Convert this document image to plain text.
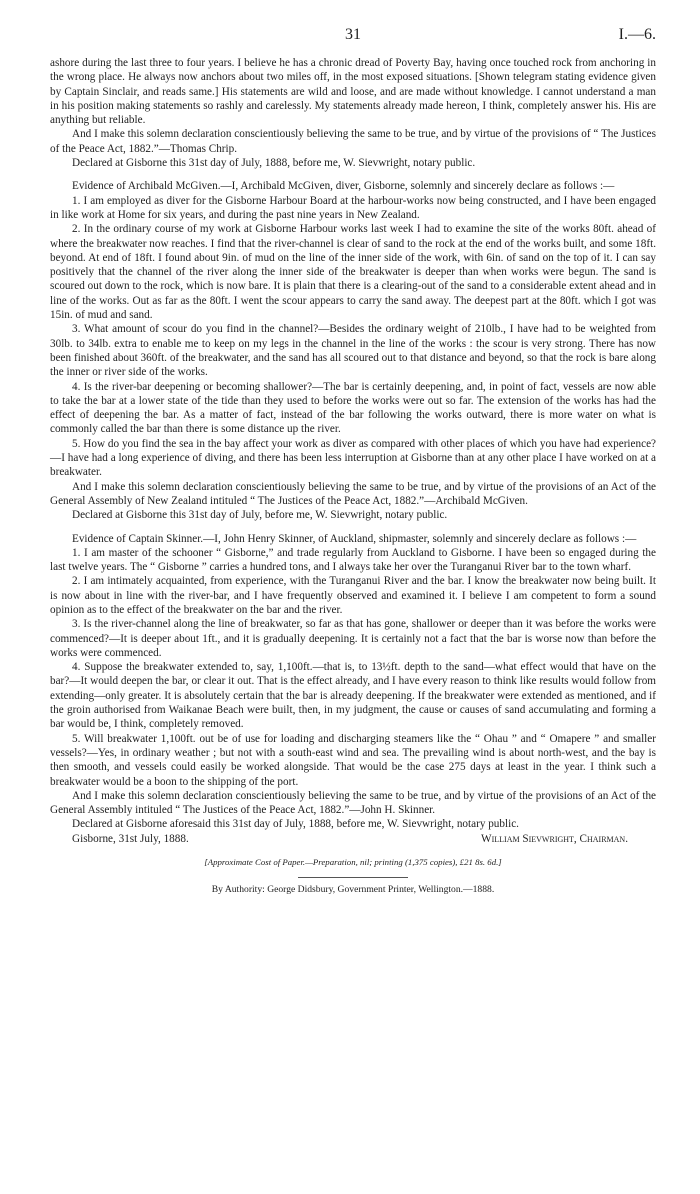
31	I.—6.

ashore during the last three to four years. I believe he has a chronic dread of Poverty Bay, having once touched rock from anchoring in the wrong place. He always now anchors about two miles off, in the most exposed situations. [Shown telegram stating evidence given by Captain Sinclair, and reads same.] His statements are wild and loose, and are made without knowledge. I cannot understand a man in his position making statements so rashly and carelessly. My statements already made hereon, I think, completely answer his. His are anything but reliable.

And I make this solemn declaration conscientiously believing the same to be true, and by virtue of the provisions of “ The Justices of the Peace Act, 1882.”—Thomas Chrip.

Declared at Gisborne this 31st day of July, 1888, before me, W. Sievwright, notary public.

Evidence of Archibald McGiven.—I, Archibald McGiven, diver, Gisborne, solemnly and sincerely declare as follows :—

1. I am employed as diver for the Gisborne Harbour Board at the harbour-works now being constructed, and I have been engaged in like work at Home for six years, and during the past nine years in New Zealand.

2. In the ordinary course of my work at Gisborne Harbour works last week I had to examine the site of the works 80ft. ahead of where the breakwater now reaches. I find that the river-channel is clear of sand to the rock at the end of the works built, and some 18ft. beyond. At end of 18ft. I found about 9in. of mud on the line of the inner side of the work, with 6in. of sand on the top of it. I can say positively that the channel of the river along the inner side of the breakwater is deeper than when works were begun. The sand is scoured out down to the rock, which is now bare. It is plain that there is a clearing-out of the sand to a considerable extent ahead and in line of the works. Out as far as the 80ft. I went the scour appears to carry the sand away. The deepest part at the 80ft. which I got was 15in. of mud and sand.

3. What amount of scour do you find in the channel?—Besides the ordinary weight of 210lb., I have had to be weighted from 30lb. to 34lb. extra to enable me to keep on my legs in the channel in the line of the works : the scour is very strong. There has now been finished about 360ft. of the breakwater, and the sand has all scoured out to that distance and beyond, so that the rock is bare along the inner or river side of the works.

4. Is the river-bar deepening or becoming shallower?—The bar is certainly deepening, and, in point of fact, vessels are now able to take the bar at a lower state of the tide than they used to before the works were out so far. The extension of the works has had the effect of deepening the bar. As a matter of fact, instead of the bar following the works outward, there is more water on what is commonly called the bar than there is some distance up the river.

5. How do you find the sea in the bay affect your work as diver as compared with other places of which you have had experience?—I have had a long experience of diving, and there has been less interruption at Gisborne than at any other place I have worked on at a breakwater.

And I make this solemn declaration conscientiously believing the same to be true, and by virtue of the provisions of an Act of the General Assembly of New Zealand intituled “ The Justices of the Peace Act, 1882.”—Archibald McGiven.

Declared at Gisborne this 31st day of July, before me, W. Sievwright, notary public.

Evidence of Captain Skinner.—I, John Henry Skinner, of Auckland, shipmaster, solemnly and sincerely declare as follows :—

1. I am master of the schooner “ Gisborne,” and trade regularly from Auckland to Gisborne. I have been so engaged during the last twelve years. The “ Gisborne ” carries a hundred tons, and I always take her over the Turanganui River bar to the town wharf.

2. I am intimately acquainted, from experience, with the Turanganui River and the bar. I know the breakwater now being built. It is now about in line with the river-bar, and I have frequently observed and examined it. I believe I am competent to form a sound opinion as to the effect of the breakwater on the bar and the river.

3. Is the river-channel along the line of breakwater, so far as that has gone, shallower or deeper than it was before the works were commenced?—It is deeper about 1ft., and it is gradually deepening. It is certainly not a fact that the bar is worse now than before the works were commenced.

4. Suppose the breakwater extended to, say, 1,100ft.—that is, to 13½ft. depth to the sand—what effect would that have on the bar?—It would deepen the bar, or clear it out. That is the effect already, and I have every reason to think like results would follow from extending—only greater. It is absolutely certain that the bar is already deepening. If the breakwater were extended as mentioned, and if the groin authorised from Waikanae Beach were built, then, in my judgment, the cause or causes of sand accumulating and forming a bar would be, I think, completely removed.

5. Will breakwater 1,100ft. out be of use for loading and discharging steamers like the “ Ohau ” and “ Omapere ” and smaller vessels?—Yes, in ordinary weather ; but not with a south-east wind and sea. The prevailing wind is about north-west, and the bay is then smooth, and vessels could easily be worked alongside. That would be the case 275 days at least in the year. I think such a breakwater would be a boon to the shipping of the port.

And I make this solemn declaration conscientiously believing the same to be true, and by virtue of the provisions of an Act of the General Assembly intituled “ The Justices of the Peace Act, 1882.”—John H. Skinner.

Declared at Gisborne aforesaid this 31st day of July, 1888, before me, W. Sievwright, notary public.

Gisborne, 31st July, 1888.	William Sievwright, Chairman.
[Approximate Cost of Paper.—Preparation, nil; printing (1,375 copies), £21 8s. 6d.]
By Authority: George Didsbury, Government Printer, Wellington.—1888.
